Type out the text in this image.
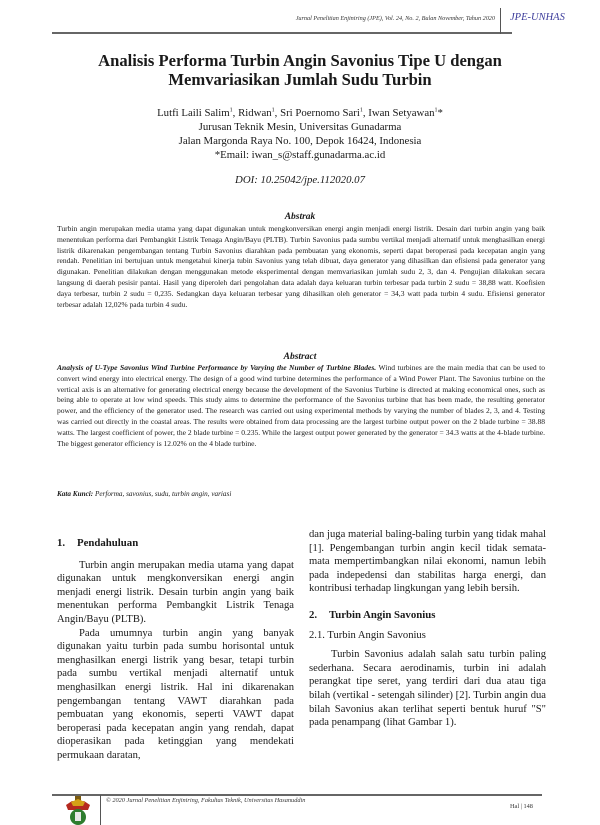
Jurnal Penelitian Enjiniring (JPE), Vol. 24, No. 2, Bulan November, Tahun 2020 JPE-UNHAS
Analisis Performa Turbin Angin Savonius Tipe U dengan
Memvariasikan Jumlah Sudu Turbin
Lutfi Laili Salim$^1$, Ridwan$^1$, Sri Poernomo Sari$^1$, Iwan Setyawan$^1$*
Jurusan Teknik Mesin, Universitas Gunadarma
Jalan Margonda Raya No. 100, Depok 16424, Indonesia
*Email: iwan_s@staff.gunadarma.ac.id
DOI: 10.25042/jpe.112020.07
Abstrak
Turbin angin merupakan media utama yang dapat digunakan untuk mengkonversikan energi angin menjadi energi listrik. Desain dari turbin angin yang baik menentukan performa dari Pembangkit Listrik Tenaga Angin/Bayu (PLTB). Turbin Savonius pada sumbu vertikal menjadi alternatif untuk menghasilkan energi listrik dikarenakan pengembangan tentang Turbin Savonius diarahkan pada pembuatan yang ekonomis, seperti dapat beroperasi pada kecepatan angin yang rendah. Penelitian ini bertujuan untuk mengetahui kinerja tubin Savonius yang telah dibuat, daya generator yang dihasilkan dan efisiensi pada generator yang digunakan. Penelitian dilakukan dengan menggunakan metode eksperimental dengan memvariasikan jumlah sudu 2, 3, dan 4. Pengujian dilakukan secara langsung di daerah pesisir pantai. Hasil yang diperoleh dari pengolahan data adalah daya keluaran turbin terbesar pada turbin 2 sudu = 38,88 watt. Koefisien daya terbesar, turbin 2 sudu = 0,235. Sedangkan daya keluaran terbesar yang dihasilkan oleh generator = 34,3 watt pada turbin 4 sudu. Efisiensi generator terbesar adalah 12,02% pada turbin 4 sudu.
Abstract
Analysis of U-Type Savonius Wind Turbine Performance by Varying the Number of Turbine Blades. Wind turbines are the main media that can be used to convert wind energy into electrical energy. The design of a good wind turbine determines the performance of a Wind Power Plant. The Savonius turbine on the vertical axis is an alternative for generating electrical energy because the development of the Savonius Turbine is directed at making economical ones, such as being able to operate at low wind speeds. This study aims to determine the performance of the Savonius turbine that has been made, the resulting generator power, and the efficiency of the generator used. The research was carried out using experimental methods by varying the number of blades 2, 3, and 4. Testing was carried out directly in the coastal areas. The results were obtained from data processing are the largest turbine output power on the 2 blade turbine = 38.88 watts. The largest coefficient of power, the 2 blade turbine = 0.235. While the largest output power generated by the generator = 34.3 watts at the 4-blade turbine. The biggest generator efficiency is 12.02% on the 4 blade turbine.
Kata Kunci: Performa, savonius, sudu, turbin angin, variasi

1. Pendahuluan

Turbin angin merupakan media utama yang dapat digunakan untuk mengkonversikan energi angin menjadi energi listrik. Desain turbin angin yang baik menentukan performa Pembangkit Listrik Tenaga Angin/Bayu (PLTB).

Pada umumnya turbin angin yang banyak digunakan yaitu turbin pada sumbu horisontal untuk menghasilkan energi listrik yang besar, tetapi turbin pada sumbu vertikal menjadi alternatif untuk menghasilkan energi listrik. Hal ini dikarenakan pengembangan tentang VAWT diarahkan pada pembuatan yang ekonomis, seperti VAWT dapat beroperasi pada kecepatan angin yang rendah, dapat dioperasikan pada ketinggian yang mendekati permukaan daratan,

dan juga material baling-baling turbin yang tidak mahal [1]. Pengembangan turbin angin kecil tidak semata-mata mempertimbangkan nilai ekonomi, namun lebih pada indepedensi dan stabilitas harga energi, dan kontribusi terhadap lingkungan yang lebih bersih.

2. Turbin Angin Savonius

2.1. Turbin Angin Savonius

Turbin Savonius adalah salah satu turbin paling sederhana. Secara aerodinamis, turbin ini adalah perangkat tipe seret, yang terdiri dari dua atau tiga bilah (vertikal - setengah silinder) [2]. Turbin angin dua bilah Savonius akan terlihat seperti bentuk huruf "S" pada penampang (lihat Gambar 1).

© 2020 Jurnal Penelitian Enjiniring, Fakultas Teknik, Universitas Hasanuddin
Hal | 148
